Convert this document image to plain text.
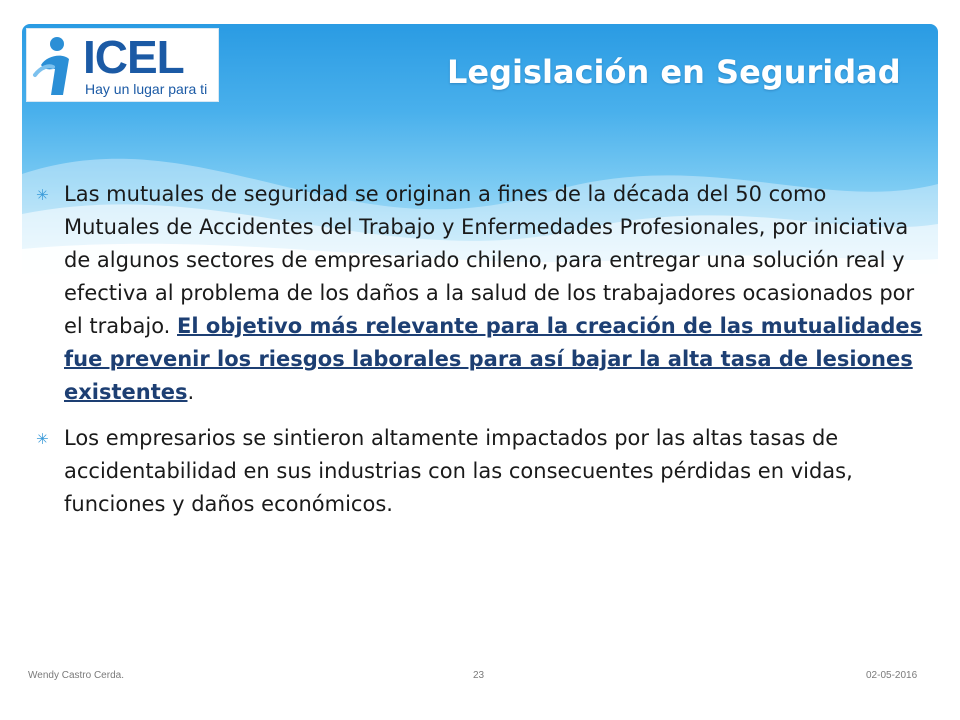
ICEL
Hay un lugar para ti	Legislación en Seguridad

✳ Las mutuales de seguridad se originan a fines de la década del 50 como Mutuales de Accidentes del Trabajo y Enfermedades Profesionales, por iniciativa de algunos sectores de empresariado chileno, para entregar una solución real y efectiva al problema de los daños a la salud de los trabajadores ocasionados por el trabajo. El objetivo más relevante para la creación de las mutualidades fue prevenir los riesgos laborales para así bajar la alta tasa de lesiones existentes.

✳ Los empresarios se sintieron altamente impactados por las altas tasas de accidentabilidad en sus industrias con las consecuentes pérdidas en vidas, funciones y daños económicos.

Wendy Castro Cerda.	23	02-05-2016
